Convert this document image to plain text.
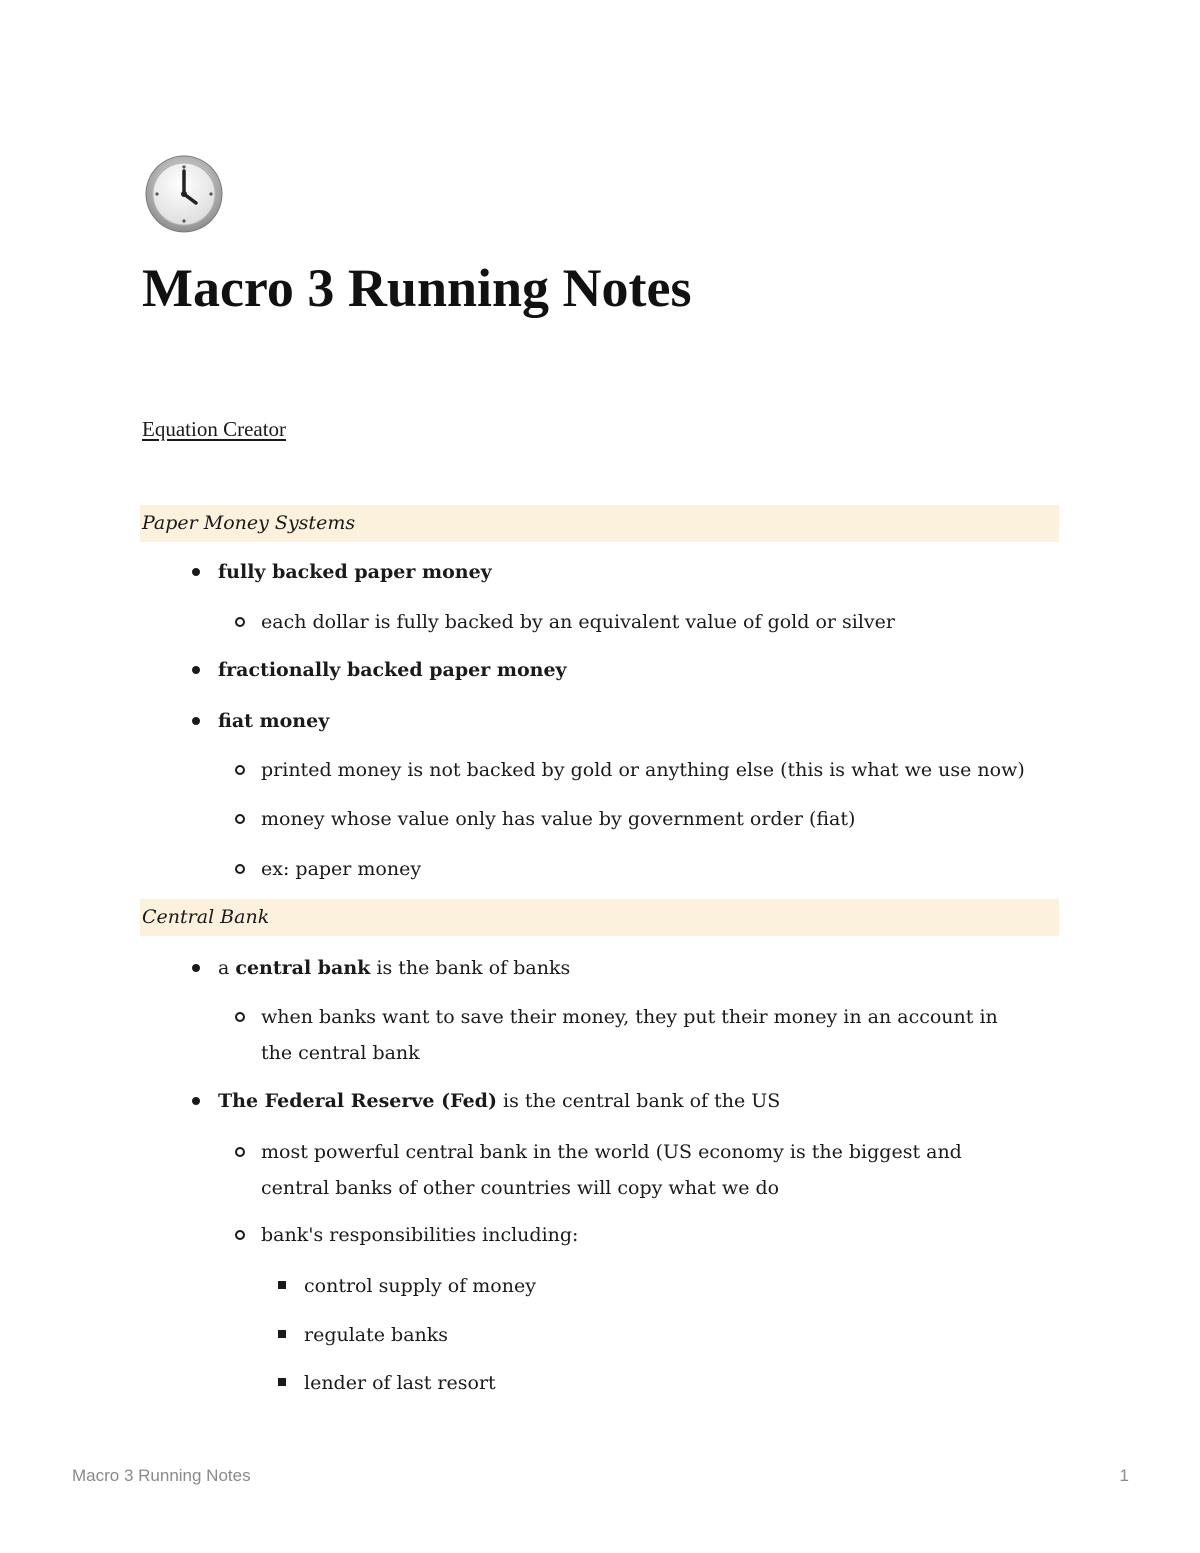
Macro 3 Running Notes
Equation Creator
Paper Money Systems
fully backed paper money
each dollar is fully backed by an equivalent value of gold or silver
fractionally backed paper money
fiat money
printed money is not backed by gold or anything else (this is what we use now)
money whose value only has value by government order (fiat)
ex: paper money
Central Bank
a central bank is the bank of banks
when banks want to save their money, they put their money in an account in the central bank
The Federal Reserve (Fed) is the central bank of the US
most powerful central bank in the world (US economy is the biggest and central banks of other countries will copy what we do
bank's responsibilities including:
control supply of money
regulate banks
lender of last resort
Macro 3 Running Notes	1
